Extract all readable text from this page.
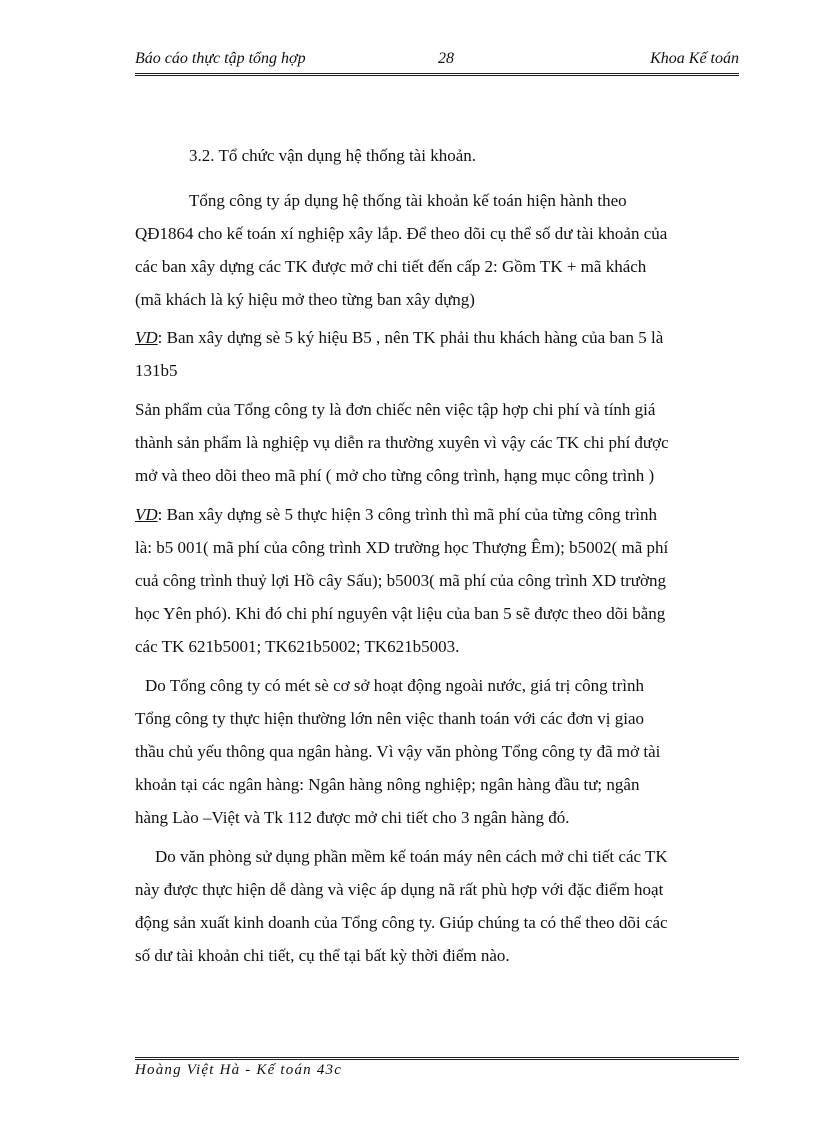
Báo cáo thực tập tổng hợp	28	Khoa Kế toán
3.2. Tổ chức vận dụng hệ thống tài khoản.
Tổng công ty áp dụng hệ thống tài khoản kế toán hiện hành theo
QĐ1864 cho kế toán xí nghiệp xây lắp. Để theo dõi cụ thể số dư tài khoản của
các ban xây dựng các TK được mở chi tiết đến cấp 2: Gồm TK + mã khách
(mã khách là ký hiệu mở theo từng ban xây dựng)
VD: Ban xây dựng sè 5 ký hiệu B5 , nên TK phải thu khách hàng của ban 5 là
131b5
Sản phẩm của Tổng công ty là đơn chiếc nên việc tập hợp chi phí và tính giá
thành sản phẩm là nghiệp vụ diễn ra thường xuyên vì vậy các TK chi phí được
mở và theo dõi theo mã phí ( mở cho từng công trình, hạng mục công trình )
VD: Ban xây dựng sè 5 thực hiện 3 công trình thì mã phí của từng công trình
là: b5 001( mã phí của công trình XD trường học Thượng Êm); b5002( mã phí
cuả công trình thuỷ lợi Hồ cây Sấu); b5003( mã phí của công trình XD trường
học Yên phó). Khi đó chi phí nguyên vật liệu của ban 5 sẽ được theo dõi bằng
các TK 621b5001; TK621b5002; TK621b5003.
Do Tổng công ty có mét sè cơ sở hoạt động ngoài nước, giá trị công trình
Tổng công ty thực hiện thường lớn nên việc thanh toán với các đơn vị giao
thầu chủ yếu thông qua ngân hàng. Vì vậy văn phòng Tổng công ty đã mở tài
khoản tại các ngân hàng: Ngân hàng nông nghiệp; ngân hàng đầu tư; ngân
hàng Lào –Việt và Tk 112 được mở chi tiết cho 3 ngân hàng đó.
Do văn phòng sử dụng phần mềm kế toán máy nên cách mở chi tiết các TK
này được thực hiện dễ dàng và việc áp dụng nã rất phù hợp với đặc điểm hoạt
động sản xuất kinh doanh của Tổng công ty. Giúp chúng ta có thể theo dõi các
số dư tài khoản chi tiết, cụ thể tại bất kỳ thời điểm nào.
Hoàng Việt Hà - Kế toán 43c
